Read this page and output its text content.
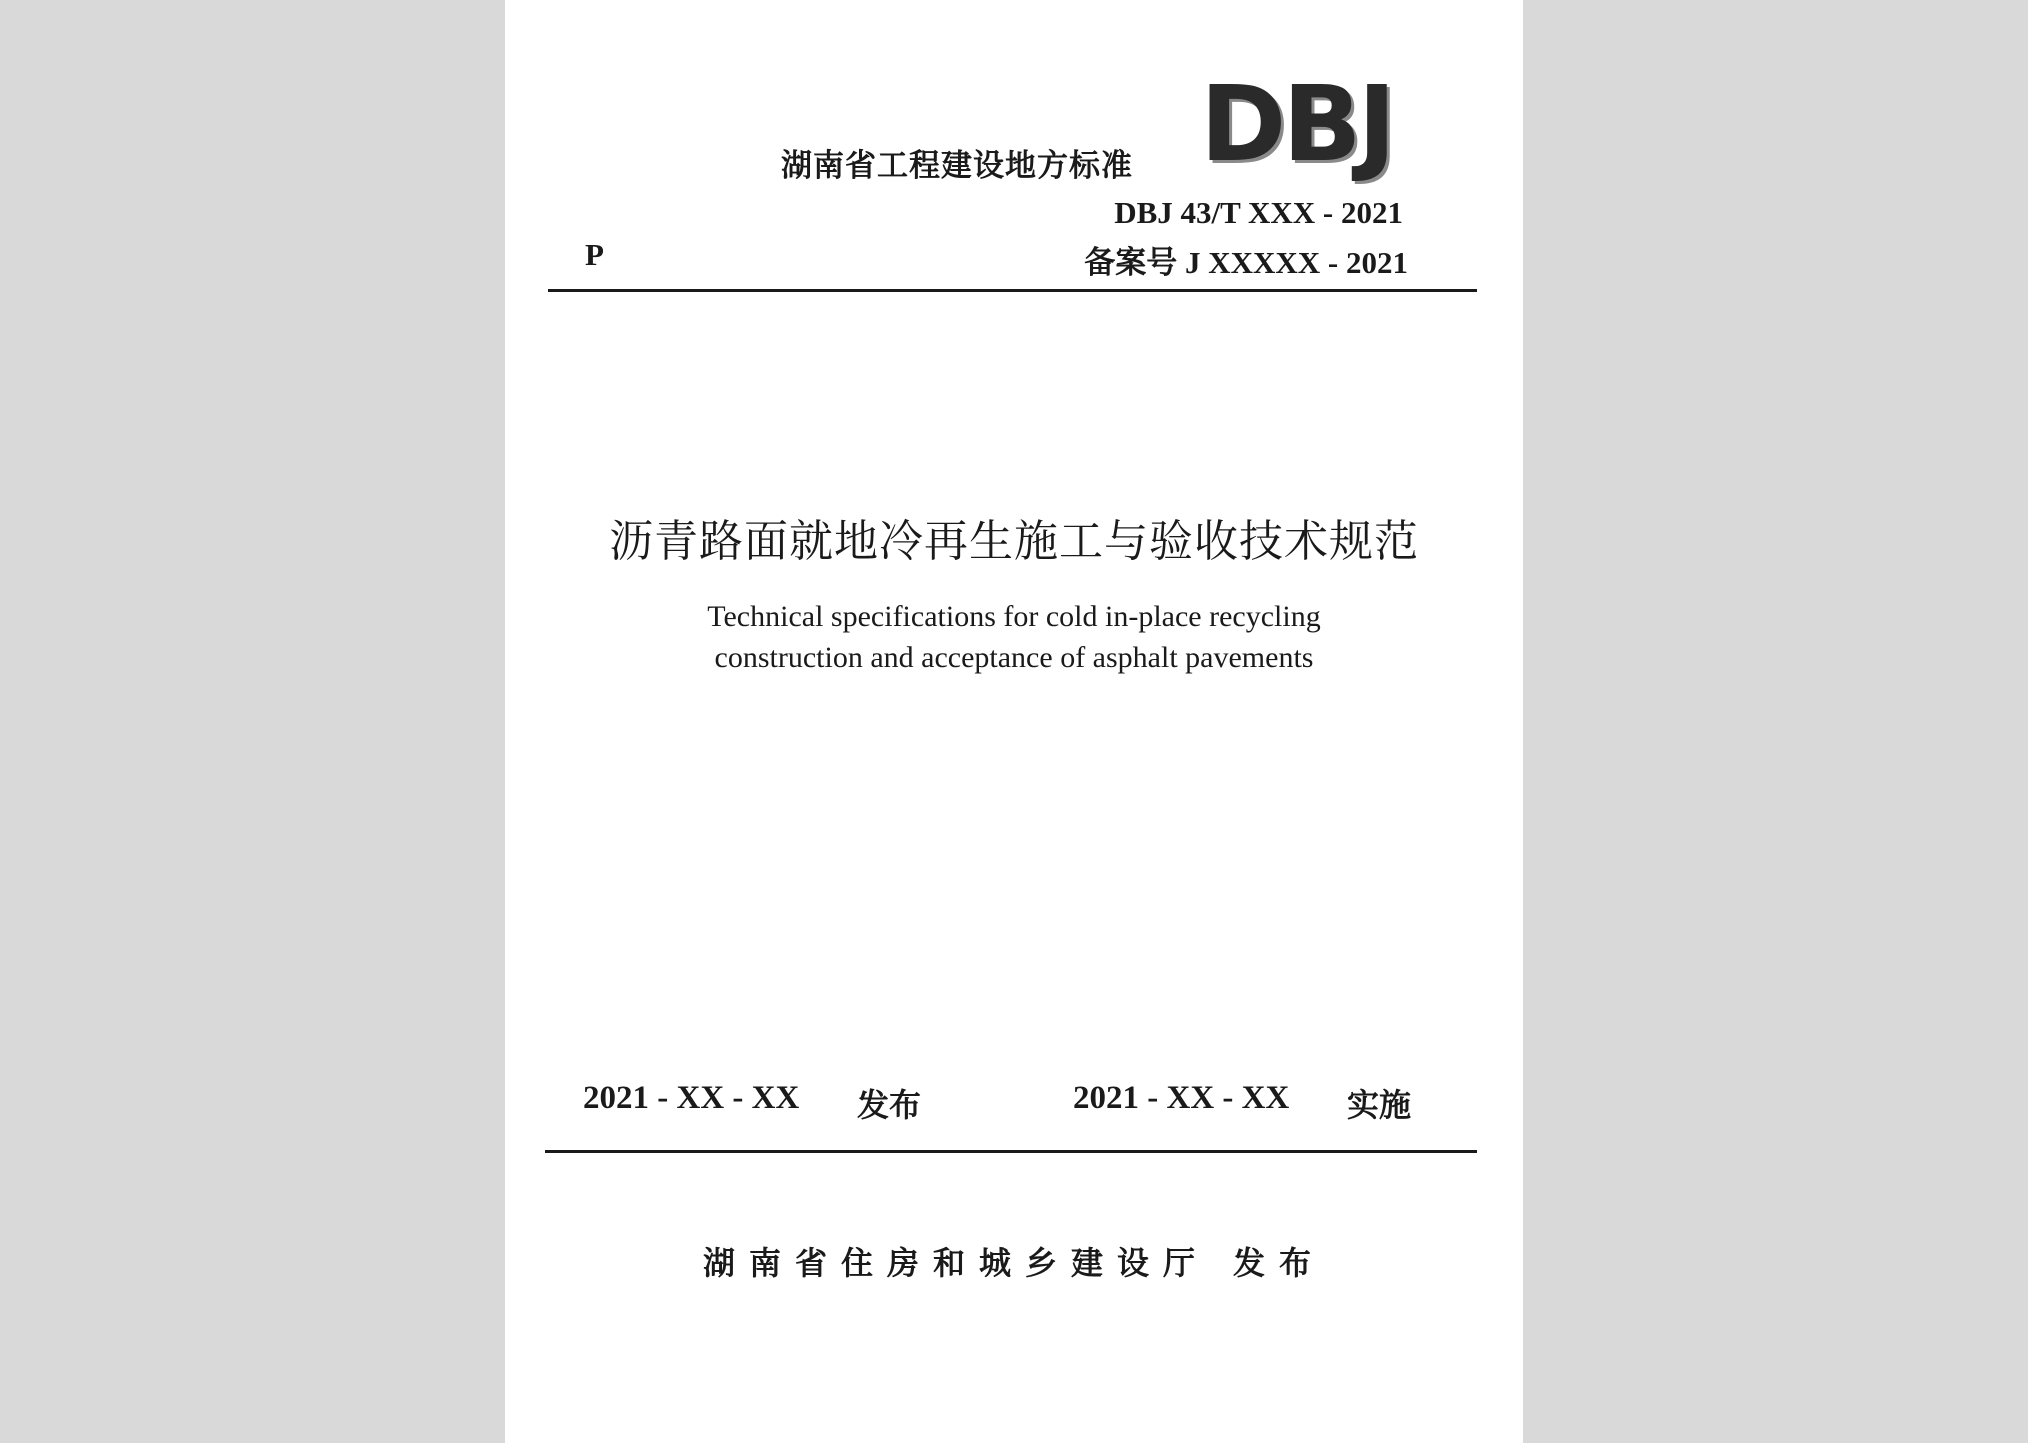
湖南省工程建设地方标准 DBJ
DBJ 43/T XXX - 2021
P	备案号 J XXXXX - 2021
沥青路面就地冷再生施工与验收技术规范
Technical specifications for cold in-place recycling
construction and acceptance of asphalt pavements
2021 - XX - XX 发布	2021 - XX - XX 实施
湖南省住房和城乡建设厅 发布
